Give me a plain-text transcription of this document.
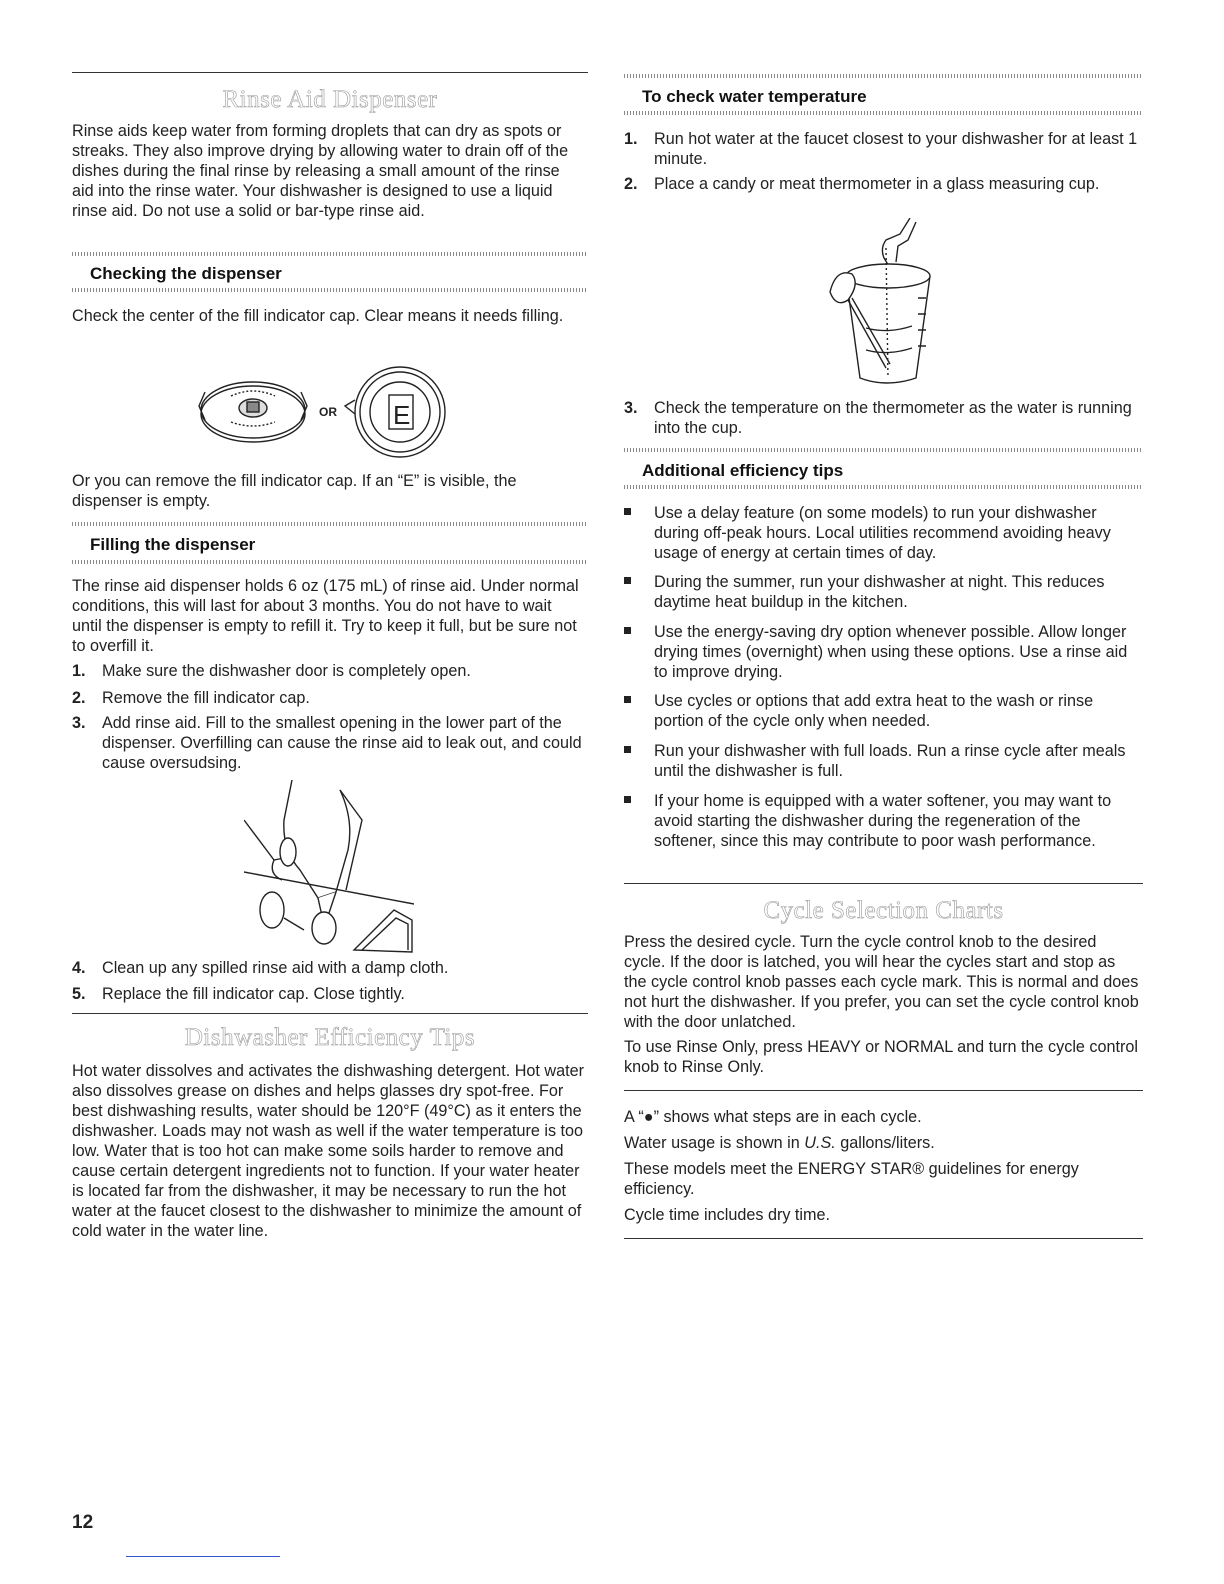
Rinse Aid Dispenser

Rinse aids keep water from forming droplets that can dry as spots or streaks. They also improve drying by allowing water to drain off of the dishes during the final rinse by releasing a small amount of the rinse aid into the rinse water. Your dishwasher is designed to use a liquid rinse aid. Do not use a solid or bar-type rinse aid.

Checking the dispenser

Check the center of the fill indicator cap. Clear means it needs filling.

OR E

Or you can remove the fill indicator cap. If an “E” is visible, the dispenser is empty.

Filling the dispenser

The rinse aid dispenser holds 6 oz (175 mL) of rinse aid. Under normal conditions, this will last for about 3 months. You do not have to wait until the dispenser is empty to refill it. Try to keep it full, but be sure not to overfill it.

1. Make sure the dishwasher door is completely open.
2. Remove the fill indicator cap.
3. Add rinse aid. Fill to the smallest opening in the lower part of the dispenser. Overfilling can cause the rinse aid to leak out, and could cause oversudsing.
4. Clean up any spilled rinse aid with a damp cloth.
5. Replace the fill indicator cap. Close tightly.
Dishwasher Efficiency Tips

Hot water dissolves and activates the dishwashing detergent. Hot water also dissolves grease on dishes and helps glasses dry spot-free. For best dishwashing results, water should be 120°F (49°C) as it enters the dishwasher. Loads may not wash as well if the water temperature is too low. Water that is too hot can make some soils harder to remove and cause certain detergent ingredients not to function. If your water heater is located far from the dishwasher, it may be necessary to run the hot water at the faucet closest to the dishwasher to minimize the amount of cold water in the water line.

To check water temperature
1. Run hot water at the faucet closest to your dishwasher for at least 1 minute.
2. Place a candy or meat thermometer in a glass measuring cup.
3. Check the temperature on the thermometer as the water is running into the cup.
Additional efficiency tips
Use a delay feature (on some models) to run your dishwasher during off-peak hours. Local utilities recommend avoiding heavy usage of energy at certain times of day.
During the summer, run your dishwasher at night. This reduces daytime heat buildup in the kitchen.
Use the energy-saving dry option whenever possible. Allow longer drying times (overnight) when using these options. Use a rinse aid to improve drying.
Use cycles or options that add extra heat to the wash or rinse portion of the cycle only when needed.
Run your dishwasher with full loads. Run a rinse cycle after meals until the dishwasher is full.
If your home is equipped with a water softener, you may want to avoid starting the dishwasher during the regeneration of the softener, since this may contribute to poor wash performance.
Cycle Selection Charts

Press the desired cycle. Turn the cycle control knob to the desired cycle. If the door is latched, you will hear the cycles start and stop as the cycle control knob passes each cycle mark. This is normal and does not hurt the dishwasher. If you prefer, you can set the cycle control knob with the door unlatched.

To use Rinse Only, press HEAVY or NORMAL and turn the cycle control knob to Rinse Only.

A “●” shows what steps are in each cycle.

Water usage is shown in U.S. gallons/liters.

These models meet the ENERGY STAR® guidelines for energy efficiency.

Cycle time includes dry time.

12
